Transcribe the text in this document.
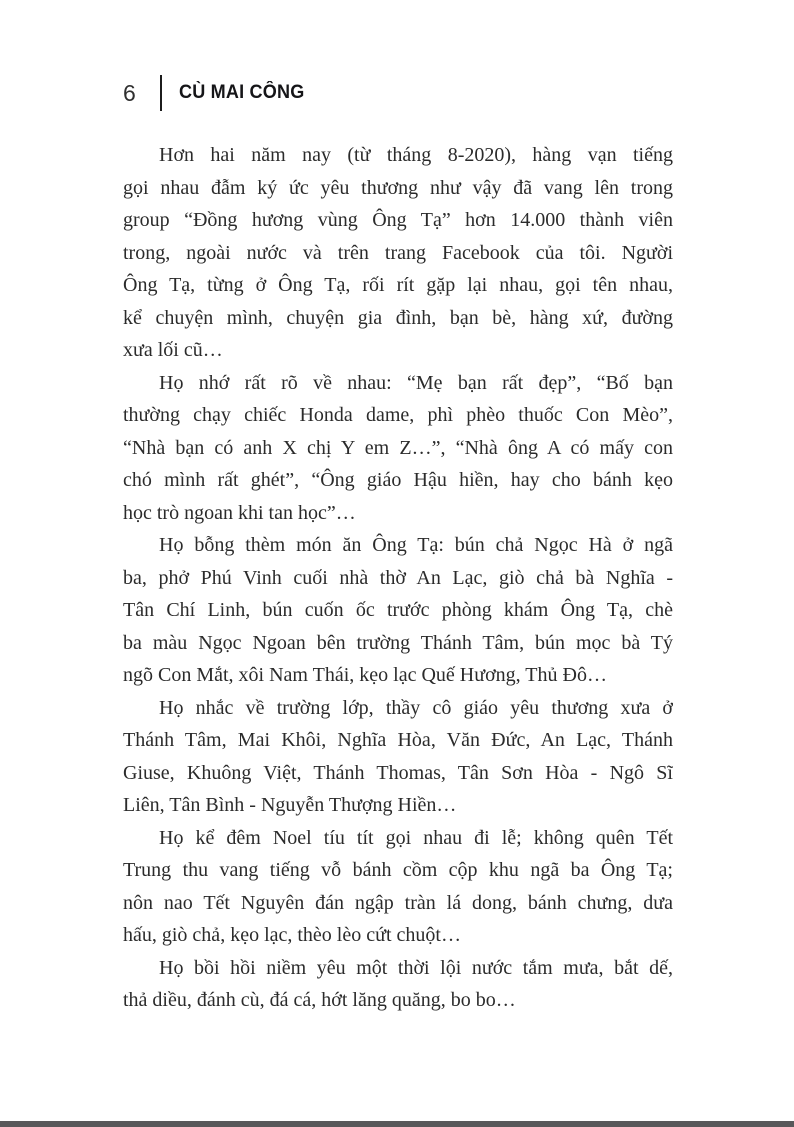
6	CÙ MAI CÔNG
Hơn hai năm nay (từ tháng 8-2020), hàng vạn tiếng
gọi nhau đẫm ký ức yêu thương như vậy đã vang lên trong
group “Đồng hương vùng Ông Tạ” hơn 14.000 thành viên
trong, ngoài nước và trên trang Facebook của tôi. Người
Ông Tạ, từng ở Ông Tạ, rối rít gặp lại nhau, gọi tên nhau,
kể chuyện mình, chuyện gia đình, bạn bè, hàng xứ, đường
xưa lối cũ…
Họ nhớ rất rõ về nhau: “Mẹ bạn rất đẹp”, “Bố bạn
thường chạy chiếc Honda dame, phì phèo thuốc Con Mèo”,
“Nhà bạn có anh X chị Y em Z…”, “Nhà ông A có mấy con
chó mình rất ghét”, “Ông giáo Hậu hiền, hay cho bánh kẹo
học trò ngoan khi tan học”…
Họ bỗng thèm món ăn Ông Tạ: bún chả Ngọc Hà ở ngã
ba, phở Phú Vinh cuối nhà thờ An Lạc, giò chả bà Nghĩa -
Tân Chí Linh, bún cuốn ốc trước phòng khám Ông Tạ, chè
ba màu Ngọc Ngoan bên trường Thánh Tâm, bún mọc bà Tý
ngõ Con Mắt, xôi Nam Thái, kẹo lạc Quế Hương, Thủ Đô…
Họ nhắc về trường lớp, thầy cô giáo yêu thương xưa ở
Thánh Tâm, Mai Khôi, Nghĩa Hòa, Văn Đức, An Lạc, Thánh
Giuse, Khuông Việt, Thánh Thomas, Tân Sơn Hòa - Ngô Sĩ
Liên, Tân Bình - Nguyễn Thượng Hiền…
Họ kể đêm Noel tíu tít gọi nhau đi lễ; không quên Tết
Trung thu vang tiếng vỗ bánh cồm cộp khu ngã ba Ông Tạ;
nôn nao Tết Nguyên đán ngập tràn lá dong, bánh chưng, dưa
hấu, giò chả, kẹo lạc, thèo lèo cứt chuột…
Họ bồi hồi niềm yêu một thời lội nước tắm mưa, bắt dế,
thả diều, đánh cù, đá cá, hớt lăng quăng, bo bo…
